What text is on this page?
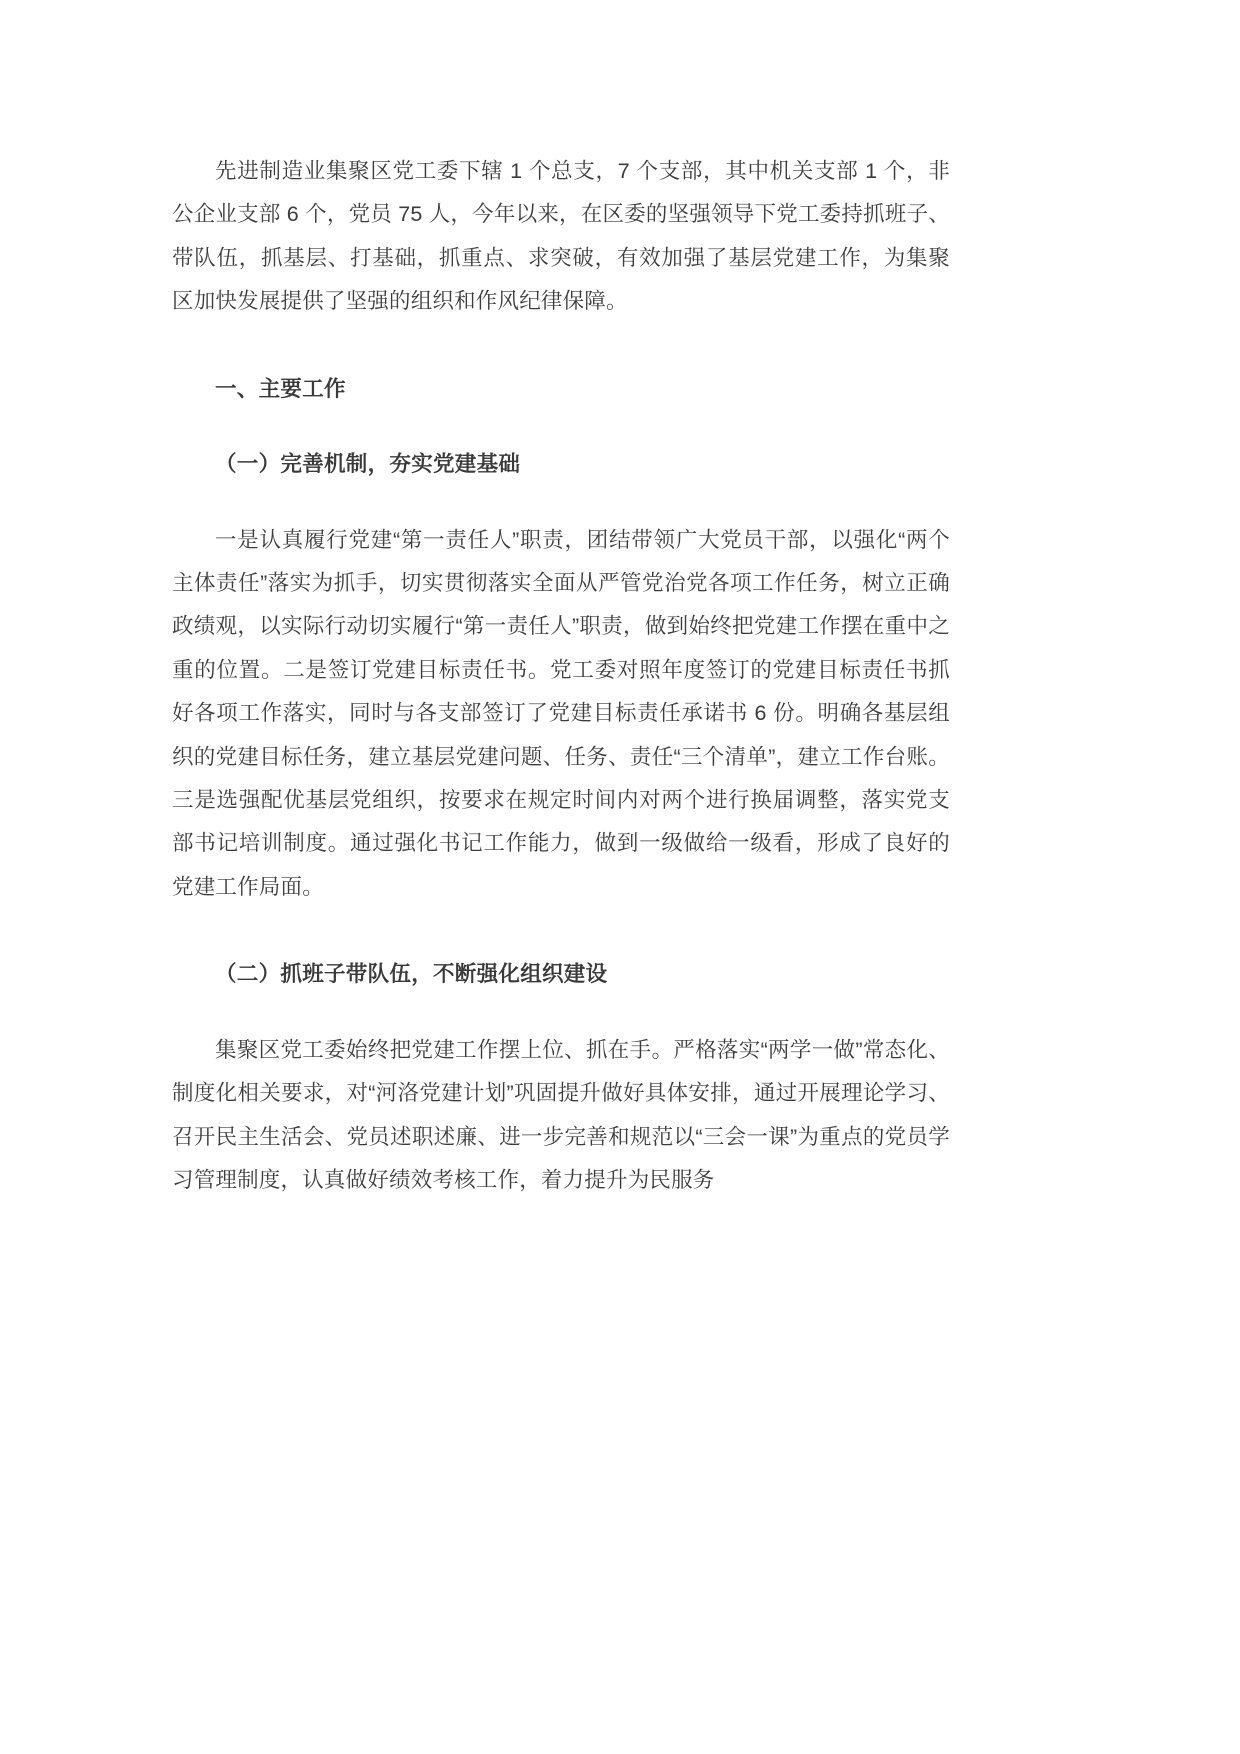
先进制造业集聚区党工委下辖 1 个总支，7 个支部，其中机关支部 1 个，非公企业支部 6 个，党员 75 人，今年以来，在区委的坚强领导下党工委持抓班子、带队伍，抓基层、打基础，抓重点、求突破，有效加强了基层党建工作，为集聚区加快发展提供了坚强的组织和作风纪律保障。

一、主要工作
（一）完善机制，夯实党建基础

一是认真履行党建“第一责任人”职责，团结带领广大党员干部，以强化“两个主体责任”落实为抓手，切实贯彻落实全面从严管党治党各项工作任务，树立正确政绩观，以实际行动切实履行“第一责任人”职责，做到始终把党建工作摆在重中之重的位置。二是签订党建目标责任书。党工委对照年度签订的党建目标责任书抓好各项工作落实，同时与各支部签订了党建目标责任承诺书 6 份。明确各基层组织的党建目标任务，建立基层党建问题、任务、责任“三个清单”，建立工作台账。三是选强配优基层党组织，按要求在规定时间内对两个进行换届调整，落实党支部书记培训制度。通过强化书记工作能力，做到一级做给一级看，形成了良好的党建工作局面。

（二）抓班子带队伍，不断强化组织建设

集聚区党工委始终把党建工作摆上位、抓在手。严格落实“两学一做”常态化、制度化相关要求，对“河洛党建计划”巩固提升做好具体安排，通过开展理论学习、召开民主生活会、党员述职述廉、进一步完善和规范以“三会一课”为重点的党员学习管理制度，认真做好绩效考核工作，着力提升为民服务
